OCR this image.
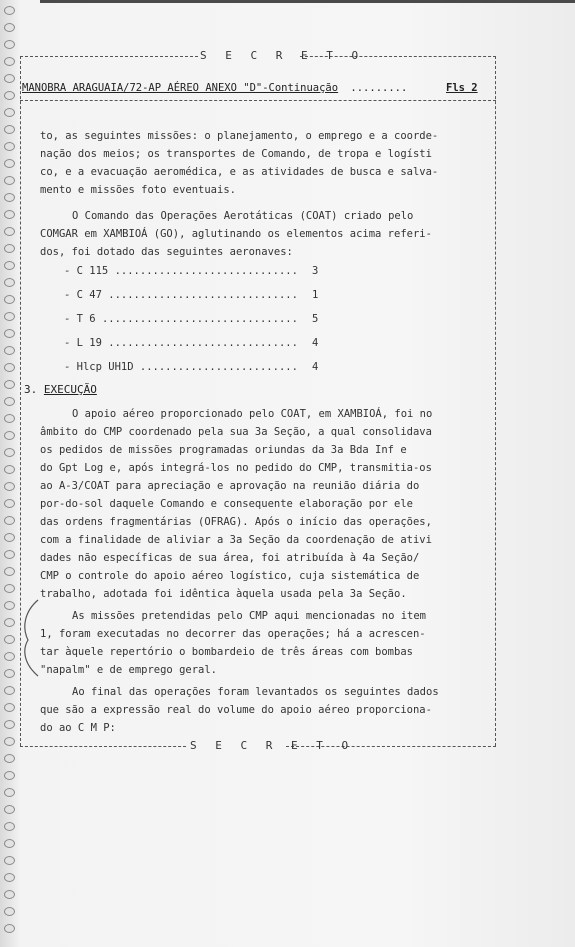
S E C R E T O
S E C R E T O
MANOBRA ARAGUAIA/72-AP AÉREO ANEXO "D"-Continuação .........	Fls 2
to, as seguintes missões: o planejamento, o emprego e a coorde-
nação dos meios; os transportes de Comando, de tropa e logísti
co, e a evacuação aeromédica, e as atividades de busca e salva-
mento e missões foto eventuais.
O Comando das Operações Aerotáticas (COAT) criado pelo
COMGAR em XAMBIOÁ (GO), aglutinando os elementos acima referi-
dos, foi dotado das seguintes aeronaves:
- C 115 ............................. 3
- C 47 .............................. 1
- T 6 ............................... 5
- L 19 .............................. 4
- Hlcp UH1D ......................... 4
3. EXECUÇÃO
O apoio aéreo proporcionado pelo COAT, em XAMBIOÁ, foi no
âmbito do CMP coordenado pela sua 3a Seção, a qual consolidava
os pedidos de missões programadas oriundas da 3a Bda Inf e
do Gpt Log e, após integrá-los no pedido do CMP, transmitia-os
ao A-3/COAT para apreciação e aprovação na reunião diária do
por-do-sol daquele Comando e consequente elaboração por ele
das ordens fragmentárias (OFRAG). Após o início das operações,
com a finalidade de aliviar a 3a Seção da coordenação de ativi
dades não específicas de sua área, foi atribuída à 4a Seção/
CMP o controle do apoio aéreo logístico, cuja sistemática de
trabalho, adotada foi idêntica àquela usada pela 3a Seção.
As missões pretendidas pelo CMP aqui mencionadas no item
1, foram executadas no decorrer das operações; há a acrescen-
tar àquele repertório o bombardeio de três áreas com bombas
"napalm" e de emprego geral.
Ao final das operações foram levantados os seguintes dados
que são a expressão real do volume do apoio aéreo proporciona-
do ao C M P:
